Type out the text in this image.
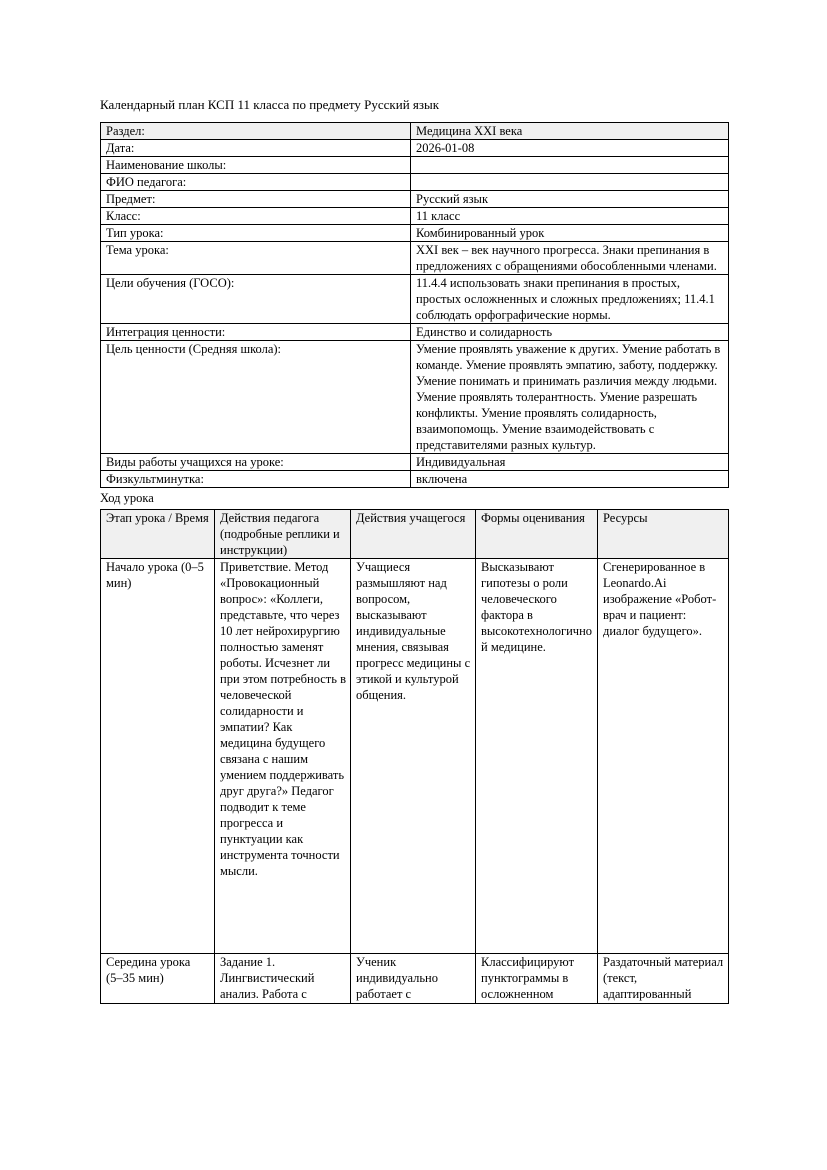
Календарный план КСП 11 класса по предмету Русский язык

Раздел:	Медицина XXI века
Дата:	2026-01-08
Наименование школы:	
ФИО педагога:	
Предмет:	Русский язык
Класс:	11 класс
Тип урока:	Комбинированный урок
Тема урока:	XXI век – век научного прогресса. Знаки препинания в предложениях с обращениями обособленными членами.
Цели обучения (ГОСО):	11.4.4 использовать знаки препинания в простых, простых осложненных и сложных предложениях; 11.4.1 соблюдать орфографические нормы.
Интеграция ценности:	Единство и солидарность
Цель ценности (Средняя школа):	Умение проявлять уважение к других. Умение работать в команде. Умение проявлять эмпатию, заботу, поддержку. Умение понимать и принимать различия между людьми. Умение проявлять толерантность. Умение разрешать конфликты. Умение проявлять солидарность, взаимопомощь. Умение взаимодействовать с представителями разных культур.
Виды работы учащихся на уроке:	Индивидуальная
Физкультминутка:	включена

Ход урока

Этап урока / Время	Действия педагога (подробные реплики и инструкции)	Действия учащегося	Формы оценивания	Ресурсы
Начало урока (0–5 мин)	Приветствие. Метод «Провокационный вопрос»: «Коллеги, представьте, что через 10 лет нейрохирургию полностью заменят роботы. Исчезнет ли при этом потребность в человеческой солидарности и эмпатии? Как медицина будущего связана с нашим умением поддерживать друг друга?» Педагог подводит к теме прогресса и пунктуации как инструмента точности мысли.	Учащиеся размышляют над вопросом, высказывают индивидуальные мнения, связывая прогресс медицины с этикой и культурой общения.	Высказывают гипотезы о роли человеческого фактора в высокотехнологичной медицине.	Сгенерированное в Leonardo.Ai изображение «Робот-врач и пациент: диалог будущего».

Середина урока (5–35 мин)	Задание 1. Лингвистический анализ. Работа с	Ученик индивидуально работает с	Классифицируют пунктограммы в осложненном	Раздаточный материал (текст, адаптированный
